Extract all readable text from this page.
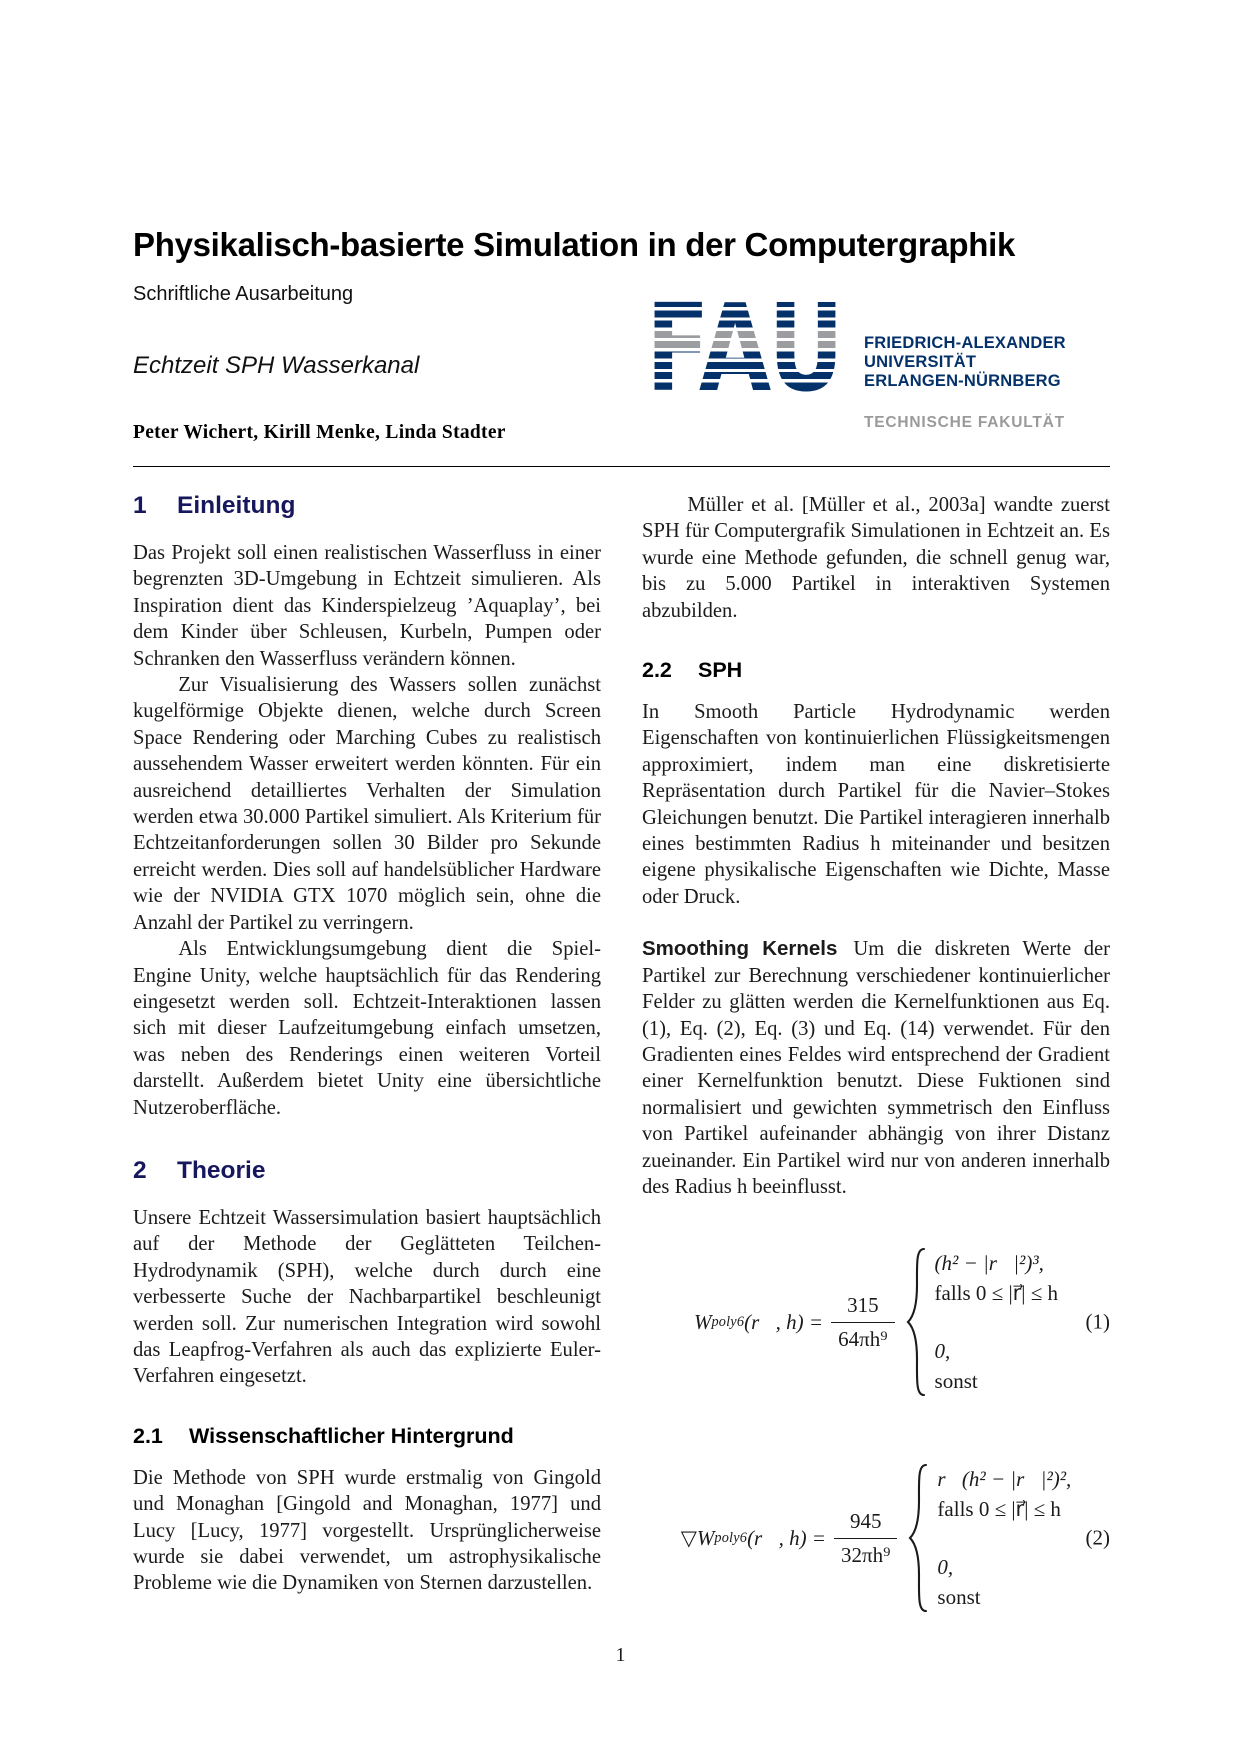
Physikalisch-basierte Simulation in der Computergraphik
Schriftliche Ausarbeitung
Echtzeit SPH Wasserkanal
Peter Wichert, Kirill Menke, Linda Stadter
FRIEDRICH-ALEXANDER
UNIVERSITÄT
ERLANGEN-NÜRNBERG
TECHNISCHE FAKULTÄT
1	Einleitung

Das Projekt soll einen realistischen Wasserfluss in einer begrenzten 3D-Umgebung in Echtzeit simulieren. Als Inspiration dient das Kinderspielzeug ’Aquaplay’, bei dem Kinder über Schleusen, Kurbeln, Pumpen oder Schranken den Wasserfluss verändern können.

Zur Visualisierung des Wassers sollen zunächst kugelförmige Objekte dienen, welche durch Screen Space Rendering oder Marching Cubes zu realistisch aussehendem Wasser erweitert werden könnten. Für ein ausreichend detailliertes Verhalten der Simulation werden etwa 30.000 Partikel simuliert. Als Kriterium für Echtzeitanforderungen sollen 30 Bilder pro Sekunde erreicht werden. Dies soll auf handelsüblicher Hardware wie der NVIDIA GTX 1070 möglich sein, ohne die Anzahl der Partikel zu verringern.

Als Entwicklungsumgebung dient die Spiel-Engine Unity, welche hauptsächlich für das Rendering eingesetzt werden soll. Echtzeit-Interaktionen lassen sich mit dieser Laufzeitumgebung einfach umsetzen, was neben des Renderings einen weiteren Vorteil darstellt. Außerdem bietet Unity eine übersichtliche Nutzeroberfläche.

2	Theorie

Unsere Echtzeit Wassersimulation basiert hauptsächlich auf der Methode der Geglätteten Teilchen-Hydrodynamik (SPH), welche durch durch eine verbesserte Suche der Nachbarpartikel beschleunigt werden soll. Zur numerischen Integration wird sowohl das Leapfrog-Verfahren als auch das explizierte Euler-Verfahren eingesetzt.

2.1	Wissenschaftlicher Hintergrund

Die Methode von SPH wurde erstmalig von Gingold und Monaghan [Gingold and Monaghan, 1977] und Lucy [Lucy, 1977] vorgestellt. Ursprünglicherweise wurde sie dabei verwendet, um astrophysikalische Probleme wie die Dynamiken von Sternen darzustellen.

Müller et al. [Müller et al., 2003a] wandte zuerst SPH für Computergrafik Simulationen in Echtzeit an. Es wurde eine Methode gefunden, die schnell genug war, bis zu 5.000 Partikel in interaktiven Systemen abzubilden.

2.2	SPH

In Smooth Particle Hydrodynamic werden Eigenschaften von kontinuierlichen Flüssigkeitsmengen approximiert, indem man eine diskretisierte Repräsentation durch Partikel für die Navier–Stokes Gleichungen benutzt. Die Partikel interagieren innerhalb eines bestimmten Radius h miteinander und besitzen eigene physikalische Eigenschaften wie Dichte, Masse oder Druck.

Smoothing Kernels Um die diskreten Werte der Partikel zur Berechnung verschiedener kontinuierlicher Felder zu glätten werden die Kernelfunktionen aus Eq. (1), Eq. (2), Eq. (3) und Eq. (14) verwendet. Für den Gradienten eines Feldes wird entsprechend der Gradient einer Kernelfunktion benutzt. Diese Fuktionen sind normalisiert und gewichten symmetrisch den Einfluss von Partikel aufeinander abhängig von ihrer Distanz zueinander. Ein Partikel wird nur von anderen innerhalb des Radius h beeinflusst.

W poly6 (r⃗, $h) = \frac{315}{\text{64πh⁹}}$
(h² − |r⃗|²)³,
falls 0 ≤ |r⃗| ≤ h
0,
sonst
(1)
▽ W poly6 (r⃗, $h) = \frac{945}{\text{32πh⁹}}$
r⃗(h² − |r⃗|²)²,
falls 0 ≤ |r⃗| ≤ h
0,
sonst
(2)
1
